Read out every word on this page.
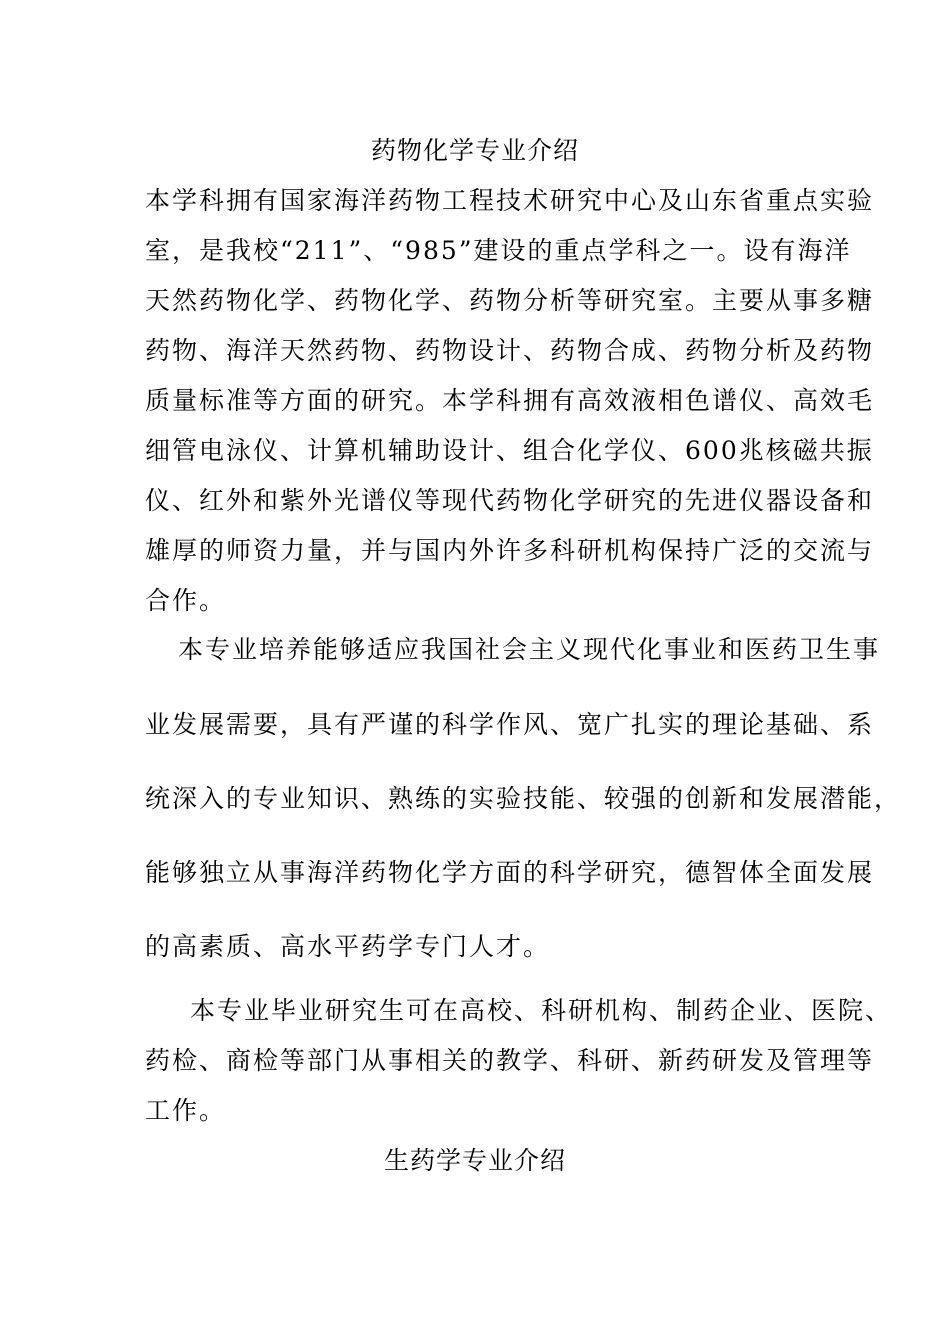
药物化学专业介绍
本学科拥有国家海洋药物工程技术研究中心及山东省重点实验
室，是我校“211”、“985”建设的重点学科之一。设有海洋
天然药物化学、药物化学、药物分析等研究室。主要从事多糖
药物、海洋天然药物、药物设计、药物合成、药物分析及药物
质量标准等方面的研究。本学科拥有高效液相色谱仪、高效毛
细管电泳仪、计算机辅助设计、组合化学仪、600兆核磁共振
仪、红外和紫外光谱仪等现代药物化学研究的先进仪器设备和
雄厚的师资力量，并与国内外许多科研机构保持广泛的交流与
合作。
本专业培养能够适应我国社会主义现代化事业和医药卫生事
业发展需要，具有严谨的科学作风、宽广扎实的理论基础、系
统深入的专业知识、熟练的实验技能、较强的创新和发展潜能，
能够独立从事海洋药物化学方面的科学研究，德智体全面发展
的高素质、高水平药学专门人才。
本专业毕业研究生可在高校、科研机构、制药企业、医院、
药检、商检等部门从事相关的教学、科研、新药研发及管理等
工作。
生药学专业介绍
